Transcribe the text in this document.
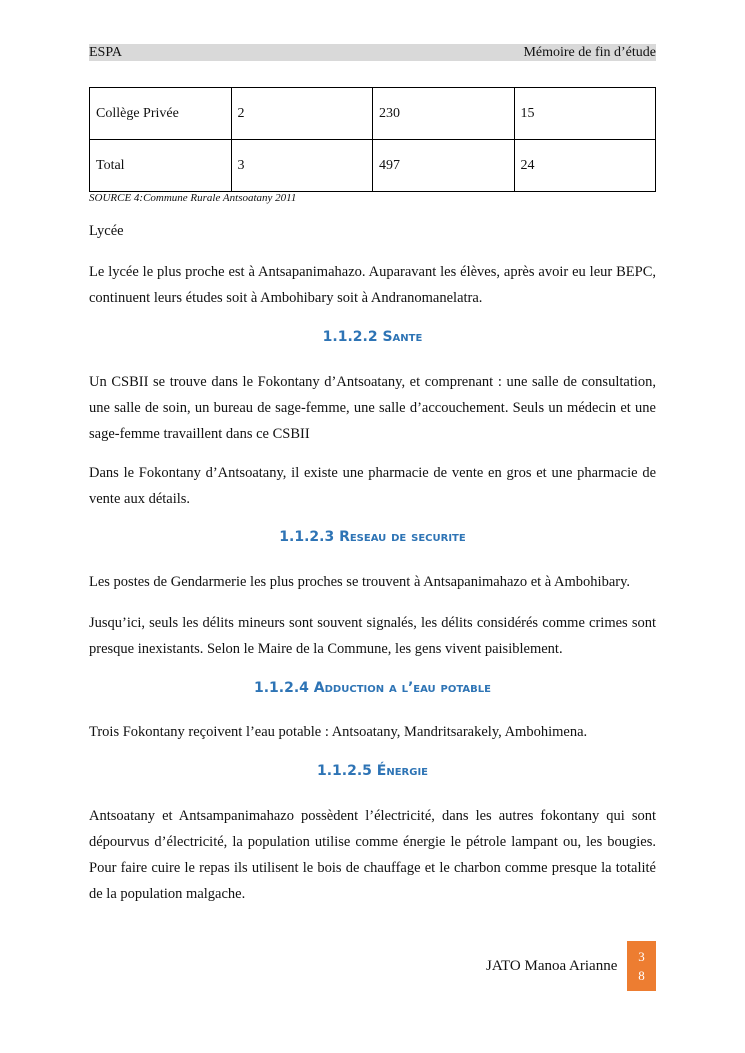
ESPA	Mémoire de fin d’étude
Collège Privée	2	230	15
Total	3	497	24
SOURCE 4:Commune Rurale Antsoatany 2011

Lycée

Le lycée le plus proche est à Antsapanimahazo. Auparavant les élèves, après avoir eu leur BEPC, continuent leurs études soit à Ambohibary soit à Andranomanelatra.

1.1.2.2 Sante

Un CSBII se trouve dans le Fokontany d’Antsoatany, et comprenant : une salle de consultation, une salle de soin, un bureau de sage-femme, une salle d’accouchement. Seuls un médecin et une sage-femme travaillent dans ce CSBII

Dans le Fokontany d’Antsoatany, il existe une pharmacie de vente en gros et une pharmacie de vente aux détails.

1.1.2.3 Reseau de securite

Les postes de Gendarmerie les plus proches se trouvent à Antsapanimahazo et à Ambohibary.

Jusqu’ici, seuls les délits mineurs sont souvent signalés, les délits considérés comme crimes sont presque inexistants. Selon le Maire de la Commune, les gens vivent paisiblement.

1.1.2.4 Adduction a l’eau potable

Trois Fokontany reçoivent l’eau potable : Antsoatany, Mandritsarakely, Ambohimena.

1.1.2.5 Énergie

Antsoatany et Antsampanimahazo possèdent l’électricité, dans les autres fokontany qui sont dépourvus d’électricité, la population utilise comme énergie le pétrole lampant ou, les bougies. Pour faire cuire le repas ils utilisent le bois de chauffage et le charbon comme presque la totalité de la population malgache.

JATO Manoa Arianne
3
8
